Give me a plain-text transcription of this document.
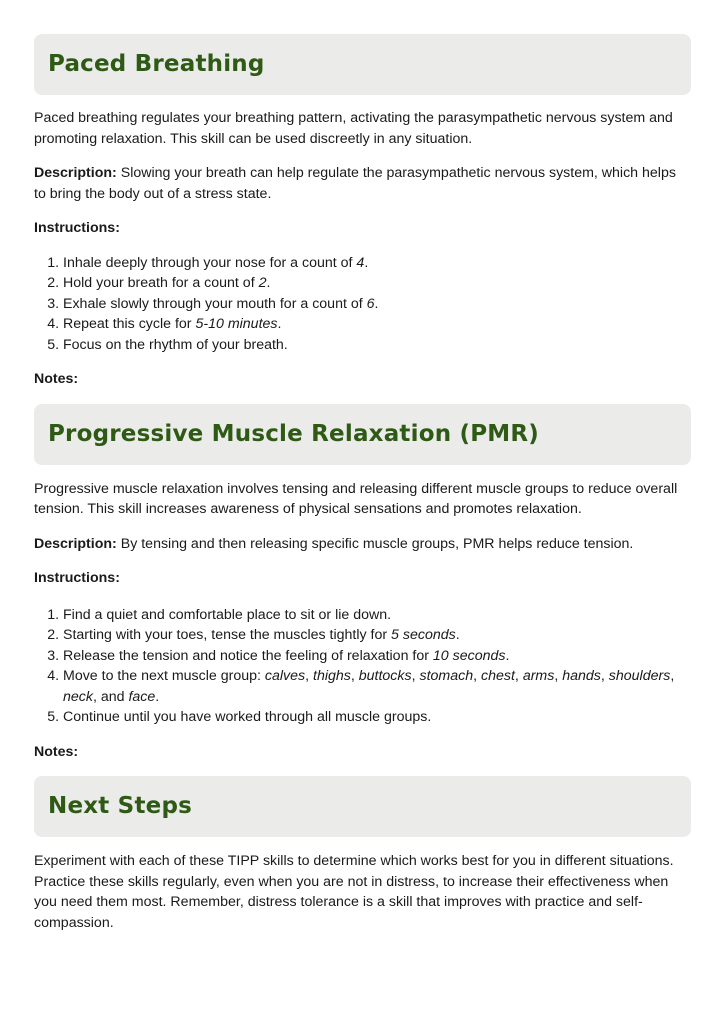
Paced Breathing

Paced breathing regulates your breathing pattern, activating the parasympathetic nervous system and promoting relaxation. This skill can be used discreetly in any situation.

Description: Slowing your breath can help regulate the parasympathetic nervous system, which helps to bring the body out of a stress state.

Instructions:

1. Inhale deeply through your nose for a count of 4.
2. Hold your breath for a count of 2.
3. Exhale slowly through your mouth for a count of 6.
4. Repeat this cycle for 5-10 minutes.
5. Focus on the rhythm of your breath.

Notes:

Progressive Muscle Relaxation (PMR)

Progressive muscle relaxation involves tensing and releasing different muscle groups to reduce overall tension. This skill increases awareness of physical sensations and promotes relaxation.

Description: By tensing and then releasing specific muscle groups, PMR helps reduce tension.

Instructions:

1. Find a quiet and comfortable place to sit or lie down.
2. Starting with your toes, tense the muscles tightly for 5 seconds.
3. Release the tension and notice the feeling of relaxation for 10 seconds.
4. Move to the next muscle group: calves, thighs, buttocks, stomach, chest, arms, hands, shoulders, neck, and face.
5. Continue until you have worked through all muscle groups.

Notes:

Next Steps

Experiment with each of these TIPP skills to determine which works best for you in different situations. Practice these skills regularly, even when you are not in distress, to increase their effectiveness when you need them most. Remember, distress tolerance is a skill that improves with practice and self-compassion.
